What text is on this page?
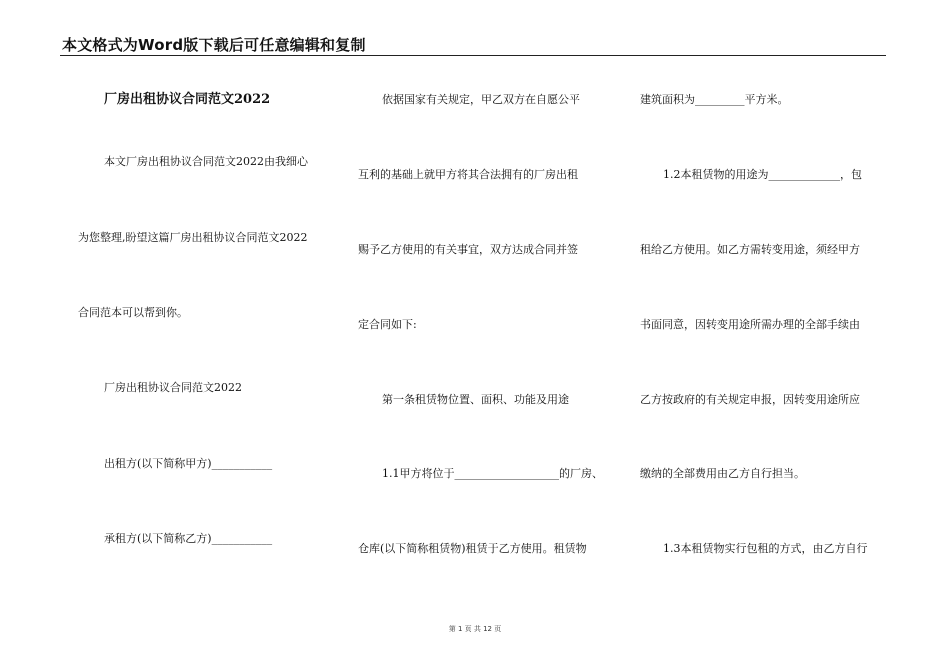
本文格式为Word版下载后可任意编辑和复制
厂房出租协议合同范文2022
本文厂房出租协议合同范文2022由我细心
为您整理,盼望这篇厂房出租协议合同范文2022
合同范本可以帮到你。
厂房出租协议合同范文2022
出租方(以下简称甲方)___________
承租方(以下简称乙方)___________
依据国家有关规定，甲乙双方在自愿公平
互利的基础上就甲方将其合法拥有的厂房出租
赐予乙方使用的有关事宜，双方达成合同并签
定合同如下:
第一条租赁物位置、面积、功能及用途
1.1甲方将位于___________________的厂房、
仓库(以下简称租赁物)租赁于乙方使用。租赁物
建筑面积为_________平方米。
1.2本租赁物的用途为_____________，包
租给乙方使用。如乙方需转变用途，须经甲方
书面同意，因转变用途所需办理的全部手续由
乙方按政府的有关规定申报，因转变用途所应
缴纳的全部费用由乙方自行担当。
1.3本租赁物实行包租的方式，由乙方自行
第 1 页 共 12 页
